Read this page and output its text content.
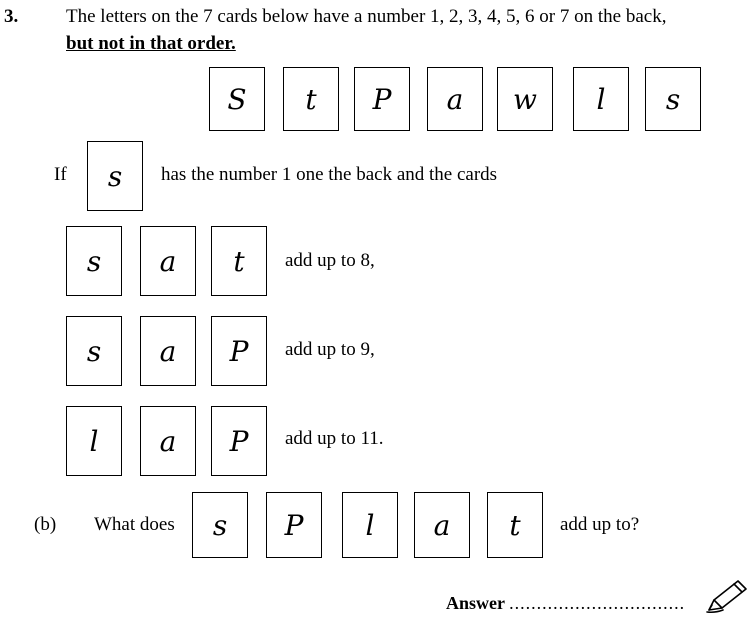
3.	The letters on the 7 cards below have a number 1, 2, 3, 4, 5, 6 or 7 on the back,
but not in that order.
S	t	P	a	w	l	s
If	s	has the number 1 one the back and the cards
s	a	t	add up to 8,
s	a	P	add up to 9,
l	a	P	add up to 11.
(b) What does	s	P	l	a	t	add up to?
Answer ................................
